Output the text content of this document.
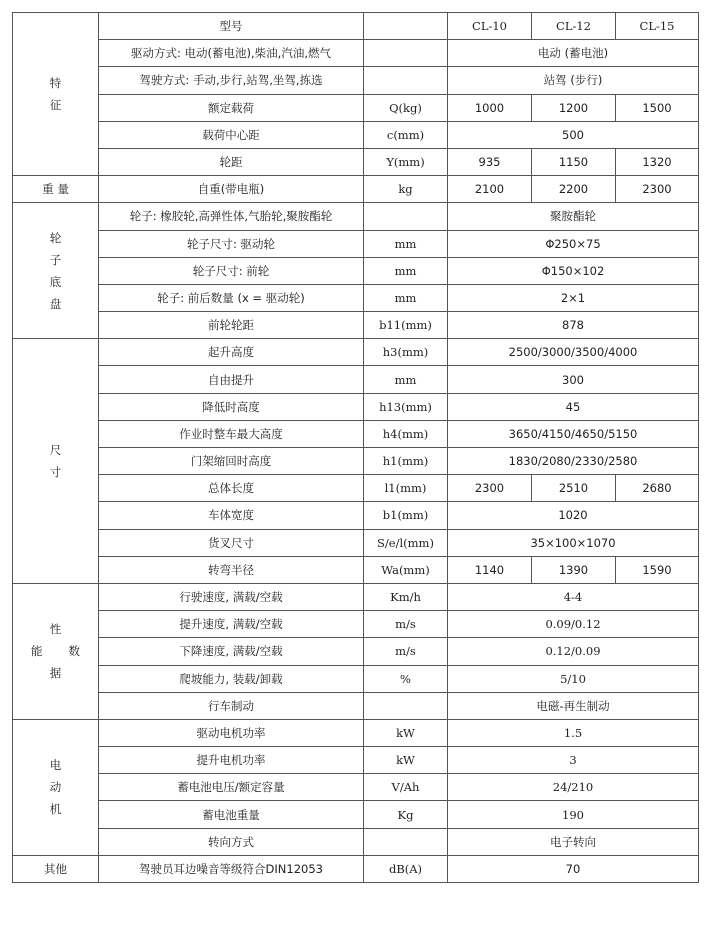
特
征	型号		CL-10	CL-12	CL-15
	驱动方式: 电动(蓄电池),柴油,汽油,燃气		电动 (蓄电池)		
	驾驶方式: 手动,步行,站驾,坐驾,拣选		站驾 (步行)		
	额定载荷	Q(kg)	1000	1200	1500
	载荷中心距	c(mm)	500		
	轮距	Y(mm)	935	1150	1320
重 量	自重(带电瓶)	kg	2100	2200	2300

轮
子
底
盘	轮子: 橡胶轮,高弹性体,气胎轮,聚胺酯轮		聚胺酯轮		
	轮子尺寸: 驱动轮	mm	Φ250×75		
	轮子尺寸: 前轮	mm	Φ150×102		
	轮子: 前后数量 (x = 驱动轮)	mm	2×1		
	前轮轮距	b11(mm)	878		

尺
寸	起升高度	h3(mm)	2500/3000/3500/4000		
	自由提升	mm	300		
	降低时高度	h13(mm)	45		
	作业时整车最大高度	h4(mm)	3650/4150/4650/5150		
	门架缩回时高度	h1(mm)	1830/2080/2330/2580		
	总体长度	l1(mm)	2300	2510	2680
	车体宽度	b1(mm)	1020		
	货叉尺寸	S/e/l(mm)	35×100×1070		
	转弯半径	Wa(mm)	1140	1390	1590

性
能 数
据	行驶速度, 满载/空载	Km/h	4-4		
	提升速度, 满载/空载	m/s	0.09/0.12		
	下降速度, 满载/空载	m/s	0.12/0.09		
	爬坡能力, 装载/卸载	%	5/10		
	行车制动		电磁-再生制动		

电
动
机	驱动电机功率	kW	1.5		
	提升电机功率	kW	3		
	蓄电池电压/额定容量	V/Ah	24/210		
	蓄电池重量	Kg	190		
	转向方式		电子转向		
其他	驾驶员耳边噪音等级符合DIN12053	dB(A)	70		
